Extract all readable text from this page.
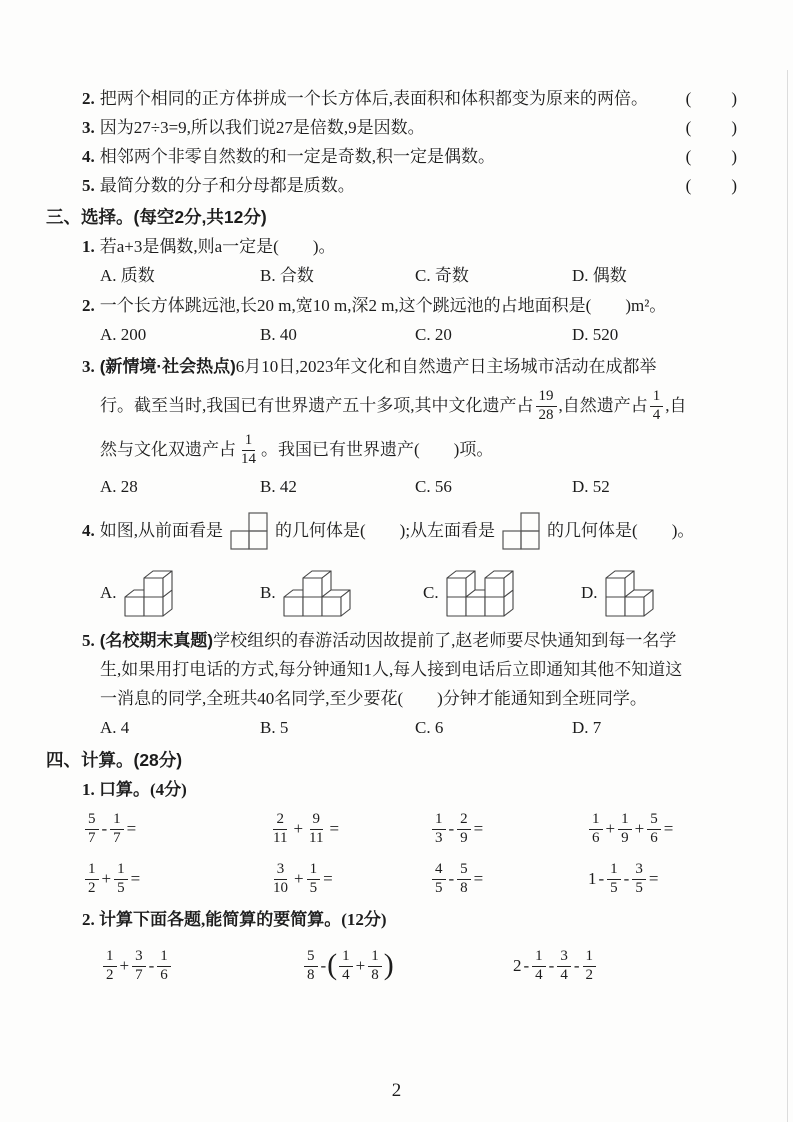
2. 把两个相同的正方体拼成一个长方体后,表面积和体积都变为原来的两倍。 (　　)
3. 因为27÷3=9,所以我们说27是倍数,9是因数。	(　　)
4. 相邻两个非零自然数的和一定是奇数,积一定是偶数。	(　　)
5. 最简分数的分子和分母都是质数。	(　　)
三、选择。(每空2分,共12分)
1. 若a+3是偶数,则a一定是(　　)。
A. 质数	B. 合数	C. 奇数	D. 偶数
2. 一个长方体跳远池,长20 m,宽10 m,深2 m,这个跳远池的占地面积是(　　)m²。
A. 200	B. 40	C. 20	D. 520
3. (新情境·社会热点)6月10日,2023年文化和自然遗产日主场城市活动在成都举
行。截至当时,我国已有世界遗产五十多项,其中文化遗产占 $\frac{19}{28}$ ,自然遗产占 $\frac{1}{4}$ ,自
然与文化双遗产占 $\frac{1}{14}$ 。我国已有世界遗产(　　)项。
A. 28	B. 42	C. 56	D. 52
4. 如图,从前面看是	的几何体是(　　);从左面看是	的几何体是(　　)。
A.	B.	C.	D.
5. (名校期末真题)学校组织的春游活动因故提前了,赵老师要尽快通知到每一名学
生,如果用打电话的方式,每分钟通知1人,每人接到电话后立即通知其他不知道这
一消息的同学,全班共40名同学,至少要花(　　)分钟才能通知到全班同学。
A. 4	B. 5	C. 6	D. 7
四、计算。(28分)
1. 口算。(4分)
$\frac{5}{7} - \frac{1}{7}$ =	$\frac{2}{11} + \frac{9}{11}$ =	$\frac{1}{3} - \frac{2}{9}$ =	$\frac{1}{6} + \frac{1}{9} + \frac{5}{6}$ =
$\frac{1}{2} + \frac{1}{5}$ =	$\frac{3}{10} + \frac{1}{5}$ =	$\frac{4}{5} - \frac{5}{8}$ =	$1 - \frac{1}{5} - \frac{3}{5}$ =
2. 计算下面各题,能简算的要简算。(12分)
$\frac{1}{2} + \frac{3}{7} - \frac{1}{6}$	$\frac{5}{8}$ -( $\frac{1}{4} + \frac{1}{8}$ )	$2 - \frac{1}{4} - \frac{3}{4} - \frac{1}{2}$
2
